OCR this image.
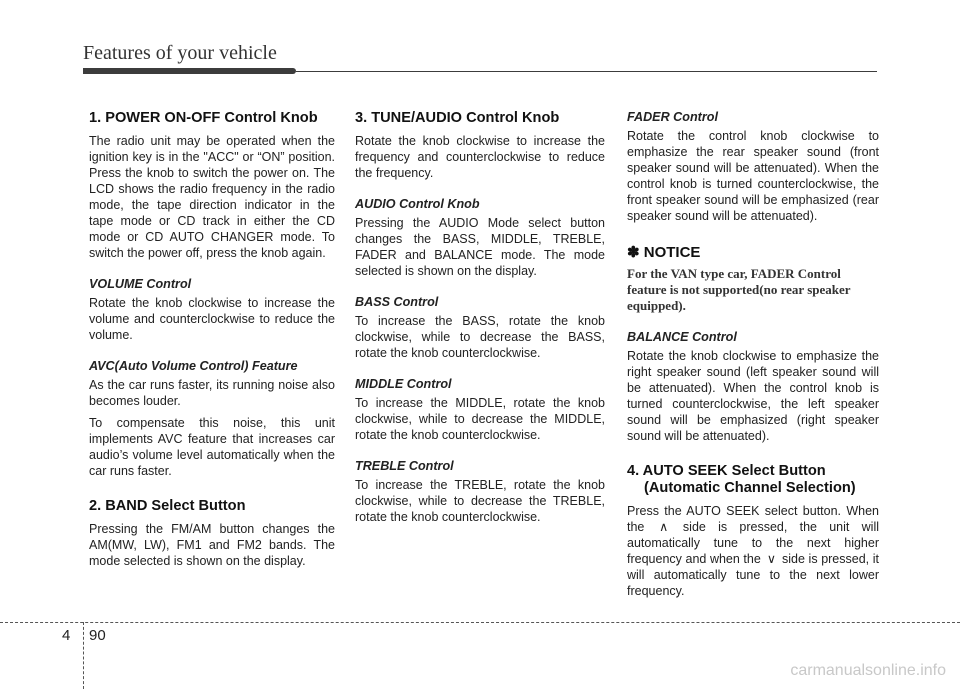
Features of your vehicle
1. POWER ON-OFF Control Knob

The radio unit may be operated when the ignition key is in the "ACC" or “ON” position. Press the knob to switch the power on. The LCD shows the radio frequency in the radio mode, the tape direction indicator in the tape mode or CD track in either the CD mode or CD AUTO CHANGER mode. To switch the power off, press the knob again.

VOLUME Control

Rotate the knob clockwise to increase the volume and counterclockwise to reduce the volume.

AVC(Auto Volume Control) Feature

As the car runs faster, its running noise also becomes louder.

To compensate this noise, this unit implements AVC feature that increases car audio’s volume level automatically when the car runs faster.

2. BAND Select Button

Pressing the FM/AM button changes the AM(MW, LW), FM1 and FM2 bands. The mode selected is shown on the display.

3. TUNE/AUDIO Control Knob

Rotate the knob clockwise to increase the frequency and counterclockwise to reduce the frequency.

AUDIO Control Knob

Pressing the AUDIO Mode select button changes the BASS, MIDDLE, TREBLE, FADER and BALANCE mode. The mode selected is shown on the display.

BASS Control

To increase the BASS, rotate the knob clockwise, while to decrease the BASS, rotate the knob counterclockwise.

MIDDLE Control

To increase the MIDDLE, rotate the knob clockwise, while to decrease the MIDDLE, rotate the knob counterclockwise.

TREBLE Control

To increase the TREBLE, rotate the knob clockwise, while to decrease the TREBLE, rotate the knob counterclockwise.

FADER Control

Rotate the control knob clockwise to emphasize the rear speaker sound (front speaker sound will be attenuated). When the control knob is turned counterclockwise, the front speaker sound will be emphasized (rear speaker sound will be attenuated).

✽ NOTICE
For the VAN type car, FADER Control feature is not supported(no rear speaker equipped).
BALANCE Control

Rotate the knob clockwise to emphasize the right speaker sound (left speaker sound will be attenuated). When the control knob is turned counterclockwise, the left speaker sound will be emphasized (right speaker sound will be attenuated).

4. AUTO SEEK Select Button (Automatic Channel Selection)

Press the AUTO SEEK select button. When the ∧ side is pressed, the unit will automatically tune to the next higher frequency and when the ∨ side is pressed, it will automatically tune to the next lower frequency.

4 90
carmanualsonline.info
